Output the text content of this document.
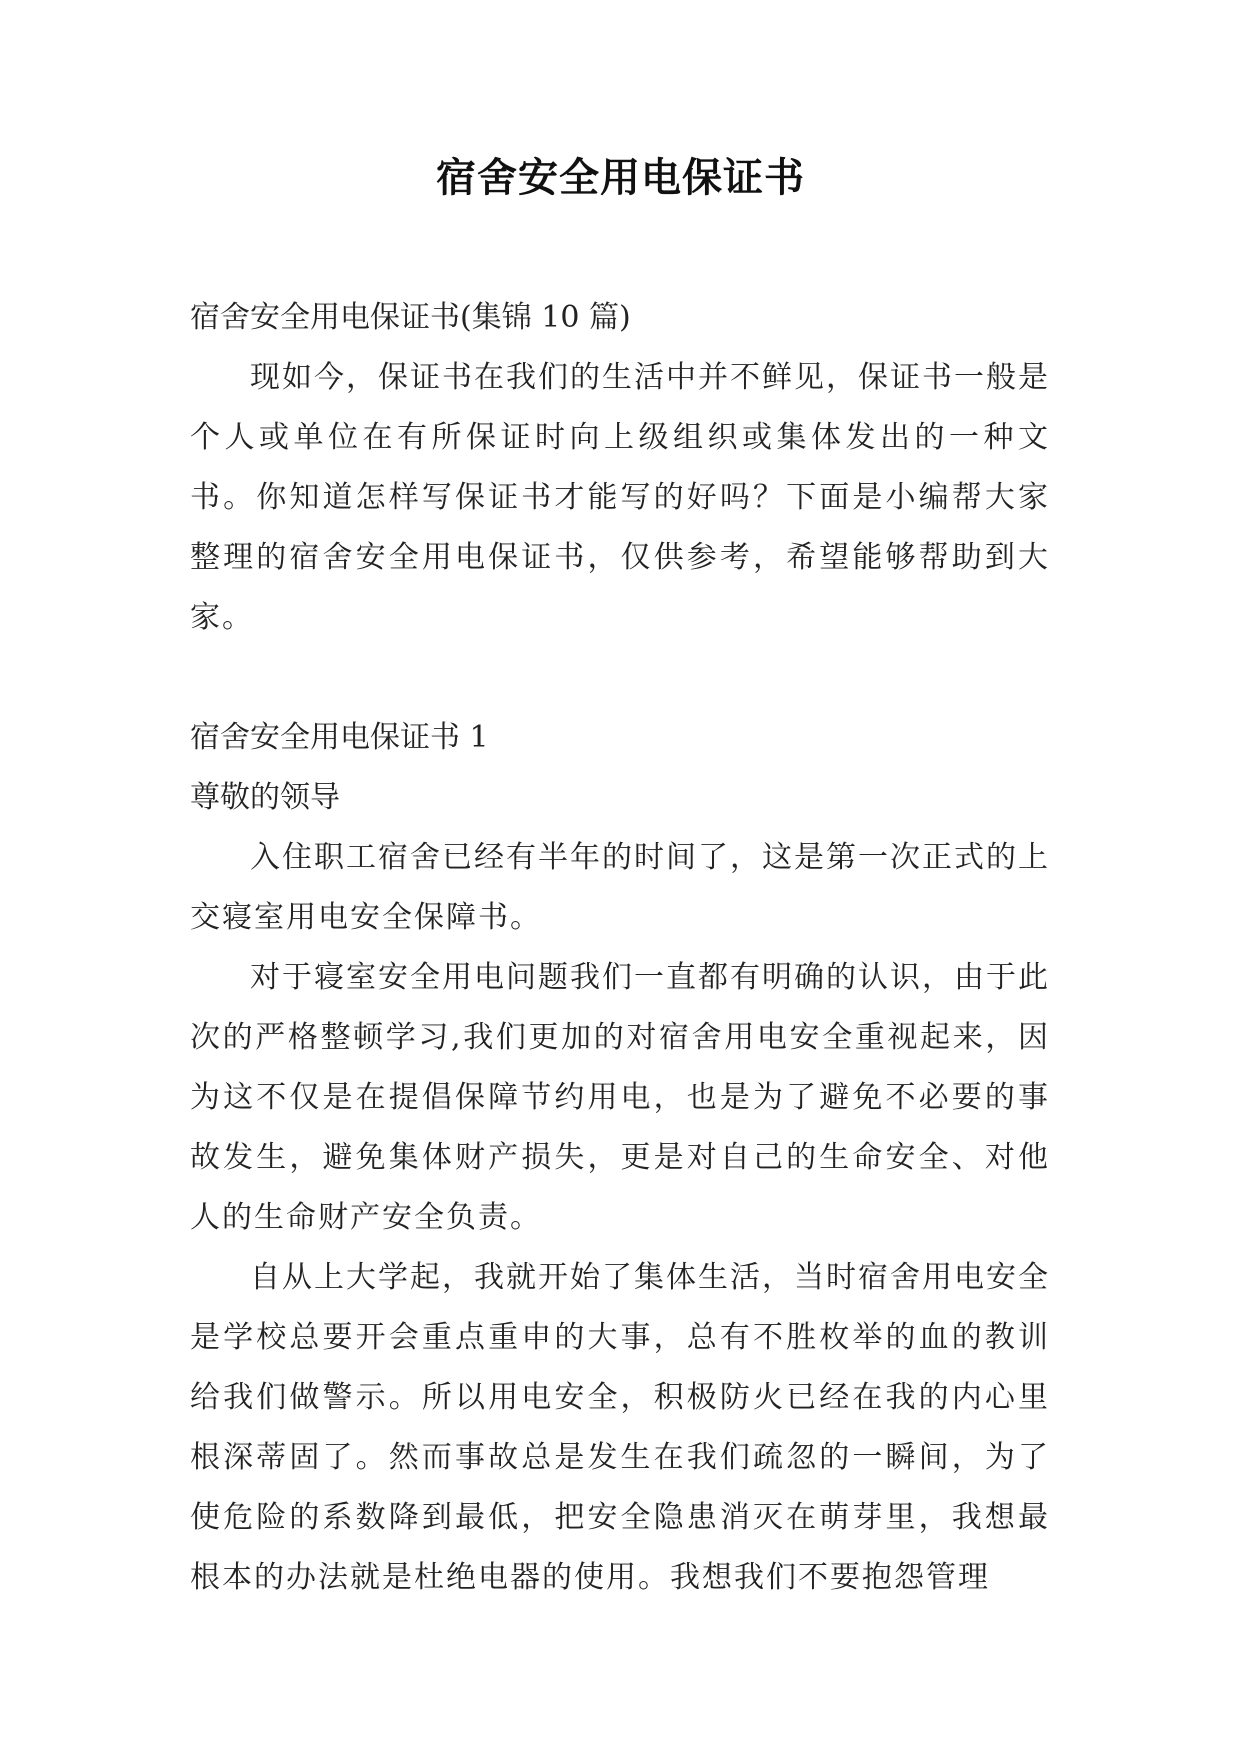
宿舍安全用电保证书

宿舍安全用电保证书(集锦 10 篇)

现如今，保证书在我们的生活中并不鲜见，保证书一般是个人或单位在有所保证时向上级组织或集体发出的一种文书。你知道怎样写保证书才能写的好吗？下面是小编帮大家整理的宿舍安全用电保证书，仅供参考，希望能够帮助到大家。

宿舍安全用电保证书 1

尊敬的领导

入住职工宿舍已经有半年的时间了，这是第一次正式的上交寝室用电安全保障书。

对于寝室安全用电问题我们一直都有明确的认识，由于此次的严格整顿学习,我们更加的对宿舍用电安全重视起来，因为这不仅是在提倡保障节约用电，也是为了避免不必要的事故发生，避免集体财产损失，更是对自己的生命安全、对他人的生命财产安全负责。

自从上大学起，我就开始了集体生活，当时宿舍用电安全是学校总要开会重点重申的大事，总有不胜枚举的血的教训给我们做警示。所以用电安全，积极防火已经在我的内心里根深蒂固了。然而事故总是发生在我们疏忽的一瞬间，为了使危险的系数降到最低，把安全隐患消灭在萌芽里，我想最根本的办法就是杜绝电器的使用。我想我们不要抱怨管理
